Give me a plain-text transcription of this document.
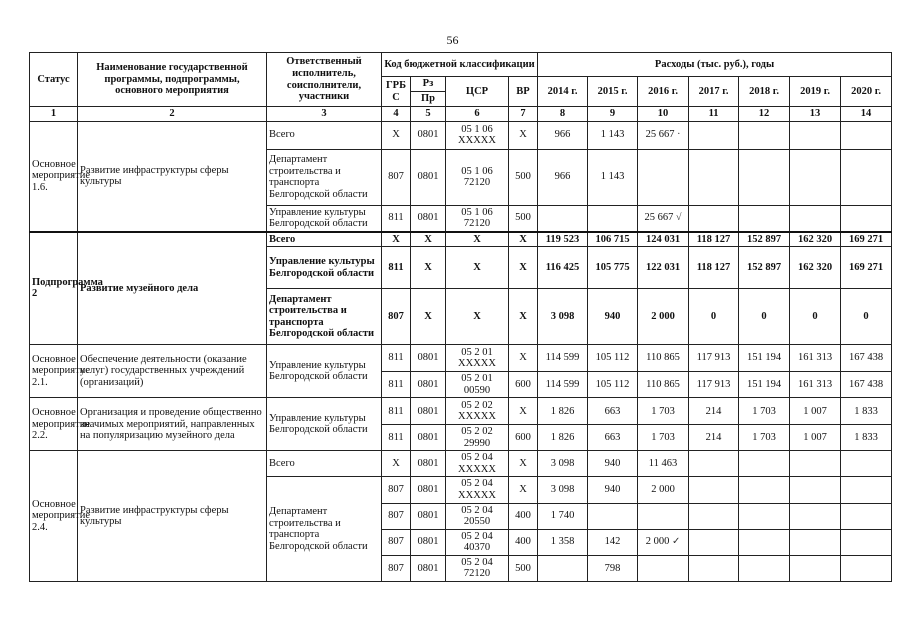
56
Статус	Наименование государственной программы, подпрограммы, основного мероприятия	Ответственный исполнитель, соисполнители, участники	Код бюджетной классификации				Расходы (тыс. руб.), годы						
			ГРБ С	Рз	ЦСР	ВР	2014 г.	2015 г.	2016 г.	2017 г.	2018 г.	2019 г.	2020 г.
				Пр									
1	2	3	4	5	6	7	8	9	10	11	12	13	14
Основное мероприятие 1.6.	Развитие инфраструктуры сферы культуры	Всего	Х	0801	05 1 06 ХХХХХ	Х	966	1 143	25 667 ·				
		Департамент строительства и транспорта Белгородской области	807	0801	05 1 06 72120	500	966	1 143					
		Управление культуры Белгородской области	811	0801	05 1 06 72120	500			25 667 √				
Подпрограмма 2	Развитие музейного дела	Всего	Х	Х	Х	Х	119 523	106 715	124 031	118 127	152 897	162 320	169 271
		Управление культуры Белгородской области	811	Х	Х	Х	116 425	105 775	122 031	118 127	152 897	162 320	169 271
		Департамент строительства и транспорта Белгородской области	807	Х	Х	Х	3 098	940	2 000	0	0	0	0
Основное мероприятие 2.1.	Обеспечение деятельности (оказание услуг) государственных учреждений (организаций)	Управление культуры Белгородской области	811	0801	05 2 01 ХХХХХ	Х	114 599	105 112	110 865	117 913	151 194	161 313	167 438
			811	0801	05 2 01 00590	600	114 599	105 112	110 865	117 913	151 194	161 313	167 438
Основное мероприятие 2.2.	Организация и проведение общественно значимых мероприятий, направленных на популяризацию музейного дела	Управление культуры Белгородской области	811	0801	05 2 02 ХХХХХ	Х	1 826	663	1 703	214	1 703	1 007	1 833
			811	0801	05 2 02 29990	600	1 826	663	1 703	214	1 703	1 007	1 833
Основное мероприятие 2.4.	Развитие инфраструктуры сферы культуры	Всего	Х	0801	05 2 04 ХХХХХ	Х	3 098	940	11 463				
		Департамент строительства и транспорта Белгородской области	807	0801	05 2 04 ХХХХХ	Х	3 098	940	2 000				
			807	0801	05 2 04 20550	400	1 740						
			807	0801	05 2 04 40370	400	1 358	142	2 000 ✓				
			807	0801	05 2 04 72120	500		798					
